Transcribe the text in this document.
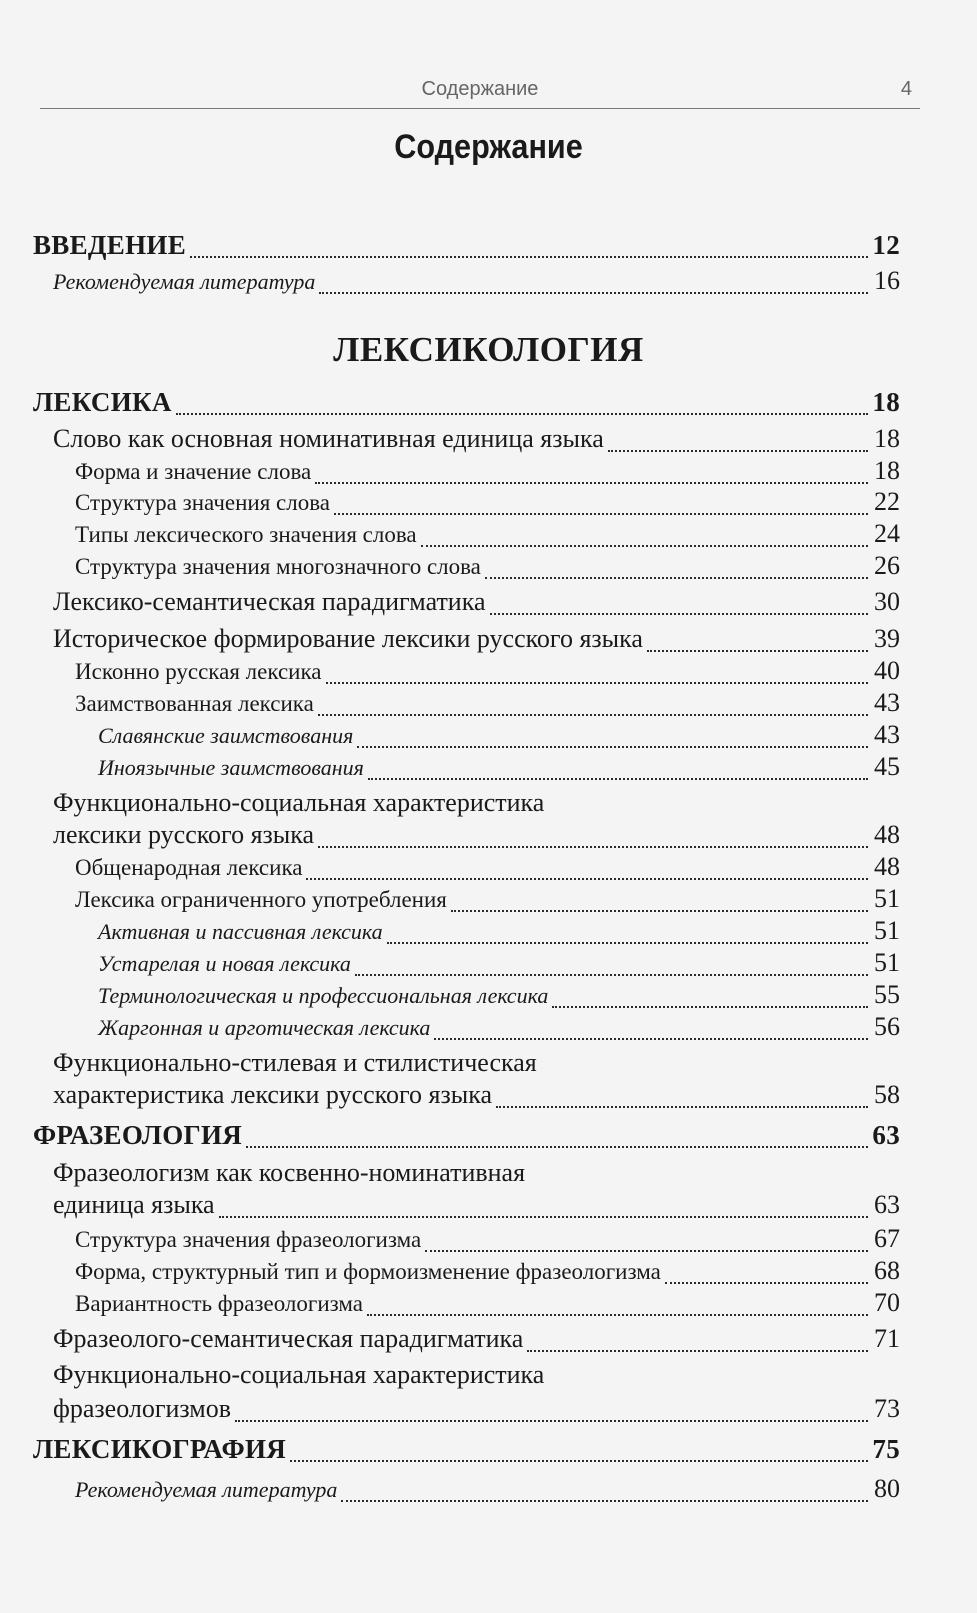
Содержание	4
Содержание
ВВЕДЕНИЕ	12
Рекомендуемая литература	16
ЛЕКСИКОЛОГИЯ
ЛЕКСИКА	18
Слово как основная номинативная единица языка	18
Форма и значение слова	18
Структура значения слова	22
Типы лексического значения слова	24
Структура значения многозначного слова	26
Лексико-семантическая парадигматика	30
Историческое формирование лексики русского языка	39
Исконно русская лексика	40
Заимствованная лексика	43
Славянские заимствования	43
Иноязычные заимствования	45
Функционально-социальная характеристика
лексики русского языка	48
Общенародная лексика	48
Лексика ограниченного употребления	51
Активная и пассивная лексика	51
Устарелая и новая лексика	51
Терминологическая и профессиональная лексика	55
Жаргонная и арготическая лексика	56
Функционально-стилевая и стилистическая
характеристика лексики русского языка	58
ФРАЗЕОЛОГИЯ	63
Фразеологизм как косвенно-номинативная
единица языка	63
Структура значения фразеологизма	67
Форма, структурный тип и формоизменение фразеологизма	68
Вариантность фразеологизма	70
Фразеолого-семантическая парадигматика	71
Функционально-социальная характеристика
фразеологизмов	73
ЛЕКСИКОГРАФИЯ	75
Рекомендуемая литература	80
